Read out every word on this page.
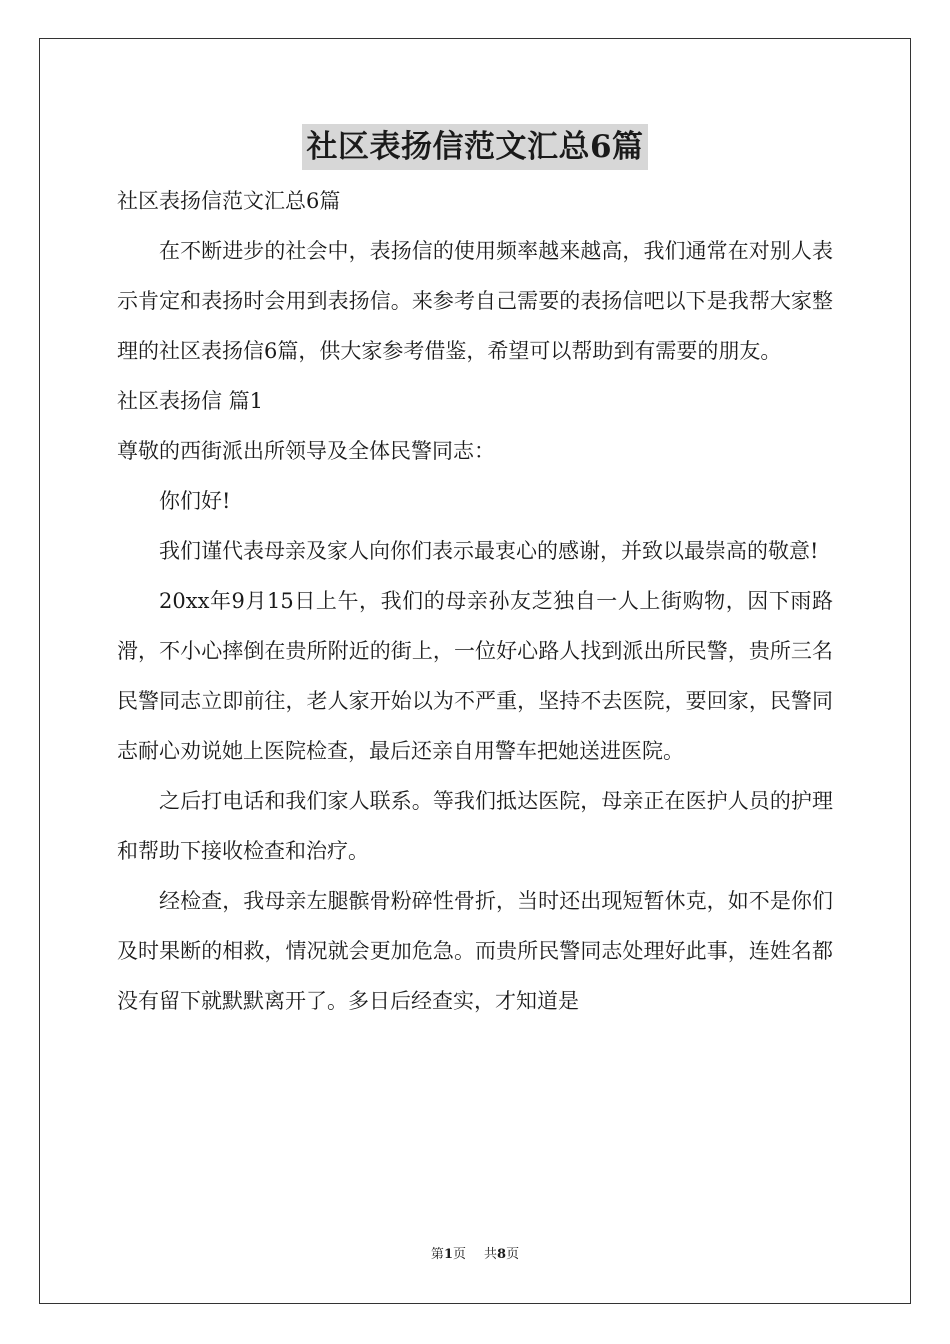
社区表扬信范文汇总6篇

社区表扬信范文汇总6篇

在不断进步的社会中，表扬信的使用频率越来越高，我们通常在对别人表示肯定和表扬时会用到表扬信。来参考自己需要的表扬信吧以下是我帮大家整理的社区表扬信6篇，供大家参考借鉴，希望可以帮助到有需要的朋友。

社区表扬信 篇1

尊敬的西街派出所领导及全体民警同志：

你们好!

我们谨代表母亲及家人向你们表示最衷心的感谢，并致以最崇高的敬意!

20xx年9月15日上午，我们的母亲孙友芝独自一人上街购物，因下雨路滑，不小心摔倒在贵所附近的街上，一位好心路人找到派出所民警，贵所三名民警同志立即前往，老人家开始以为不严重，坚持不去医院，要回家，民警同志耐心劝说她上医院检查，最后还亲自用警车把她送进医院。

之后打电话和我们家人联系。等我们抵达医院，母亲正在医护人员的护理和帮助下接收检查和治疗。

经检查，我母亲左腿髌骨粉碎性骨折，当时还出现短暂休克，如不是你们及时果断的相救，情况就会更加危急。而贵所民警同志处理好此事，连姓名都没有留下就默默离开了。多日后经查实，才知道是

第1页 共8页
